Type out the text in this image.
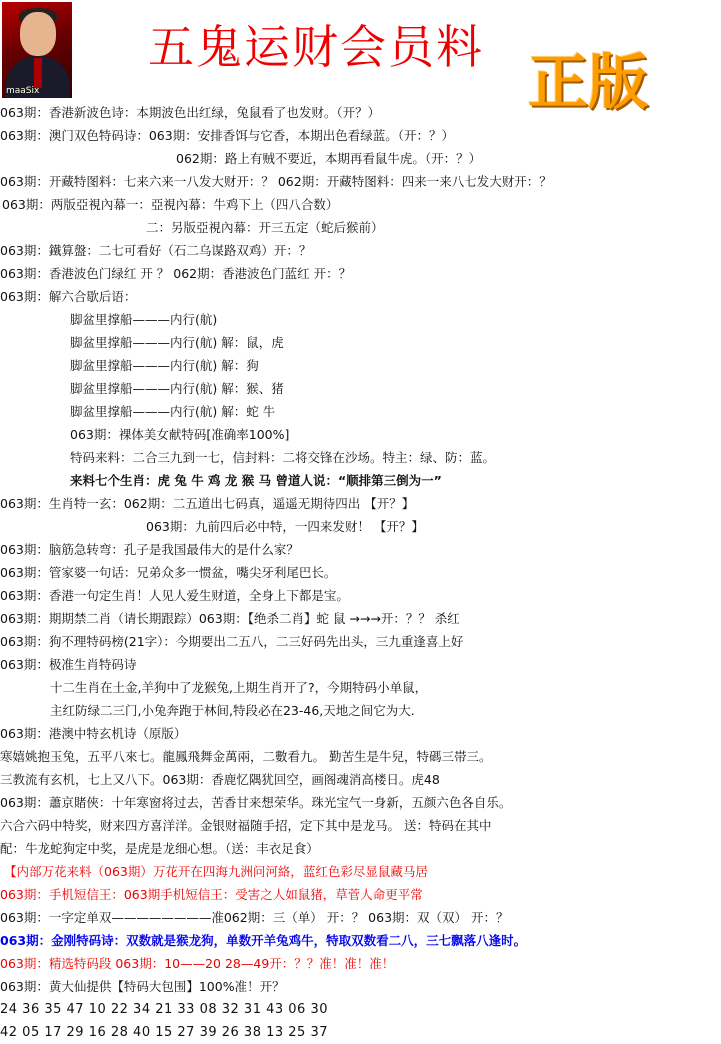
maaSix
五鬼运财会员料
正版
063期：香港新波色诗：本期波色出红绿，兔鼠看了也发财。（开？）
063期：澳门双色特码诗：063期：安排香饵与它香，本期出色看绿蓝。（开：？）
062期：路上有贼不要近，本期再看鼠牛虎。（开：？）
063期：开藏特图料：七来六来一八发大财开：？ 062期：开藏特图料：四来一来八七发大财开：？
063期：两版亞視內幕一：亞視內幕：牛鸡下上（四八合数）
二：另版亞視內幕：开三五定（蛇后猴前）
063期：鐵算盤：二七可看好（石二乌谋路双鸡）开：？
063期：香港波色门绿红 开 ？ 062期：香港波色门蓝红 开：？
063期：解六合歇后语：
脚盆里撑船———内行(航)
脚盆里撑船———内行(航) 解：鼠，虎
脚盆里撑船———内行(航) 解：狗
脚盆里撑船———内行(航) 解：猴、猪
脚盆里撑船———内行(航) 解：蛇 牛
063期：裸体美女献特码[准确率100%]
特码来料：二合三九到一七，信封料：二将交锋在沙场。特主：绿、防：蓝。
来料七个生肖：虎 兔 牛 鸡 龙 猴 马 曾道人说：“顺排第三倒为一”
063期：生肖特一玄：062期：二五道出七码真，遥遥无期待四出 【开？】
063期：九前四后必中特，一四来发财！ 【开？】
063期：脑筋急转弯：孔子是我国最伟大的是什么家？
063期：管家婆一句话：兄弟众多一惯盆，嘴尖牙利尾巴长。
063期：香港一句定生肖！人见人爱生财道，全身上下都是宝。
063期：期期禁二肖（请长期跟踪）063期：【绝杀二肖】蛇 鼠 →→→开：？？ 杀红
063期：狗不理特码榜(21字）：今期要出二五八，二三好码先出头，三九重逢喜上好
063期：极准生肖特码诗
十二生肖在土金,羊狗中了龙猴兔,上期生肖开了?，今期特码小单鼠，
主红防绿二三门,小兔奔跑于林间,特段必在23-46,天地之间它为大.
063期：港澳中特玄机诗（原版）
寒嬉姚抱玉兔，五平八來七。龍鳳飛舞金萬兩，二數看九。 勤苦生是牛兒，特碼三帯三。
三教流有玄机，七上又八下。063期：香鹿忆隅犹回空，画阁魂消高楼日。虎48
063期：蕭京賭俠：十年寒窗将过去，苦香甘来想荣华。珠光宝气一身新，五颜六色各自乐。
六合六码中特奖，财来四方喜洋洋。金银财福随手招，定下其中是龙马。 送：特码在其中
配：牛龙蛇狗定中奖，是虎是龙细心想。（送：丰衣足食）
【内部万花来料（063期）万花开在四海九洲问河絡，蓝红色彩尽显鼠藏马居
063期：手机短信王：063期手机短信王：受害之人如鼠猪，草菅人命更平常
063期：一字定单双————————准062期：三（单） 开：？ 063期：双（双） 开：？
063期：金刚特码诗：双数就是猴龙狗，单数开羊兔鸡牛，特取双数看二八，三七飘落八逢时。
063期：精选特码段 063期：10——20 28—49开：？？准！准！准！
063期：黄大仙提供【特码大包围】100%准！开？
24 36 35 47 10 22 34 21 33 08 32 31 43 06 30
42 05 17 29 16 28 40 15 27 39 26 38 13 25 37
